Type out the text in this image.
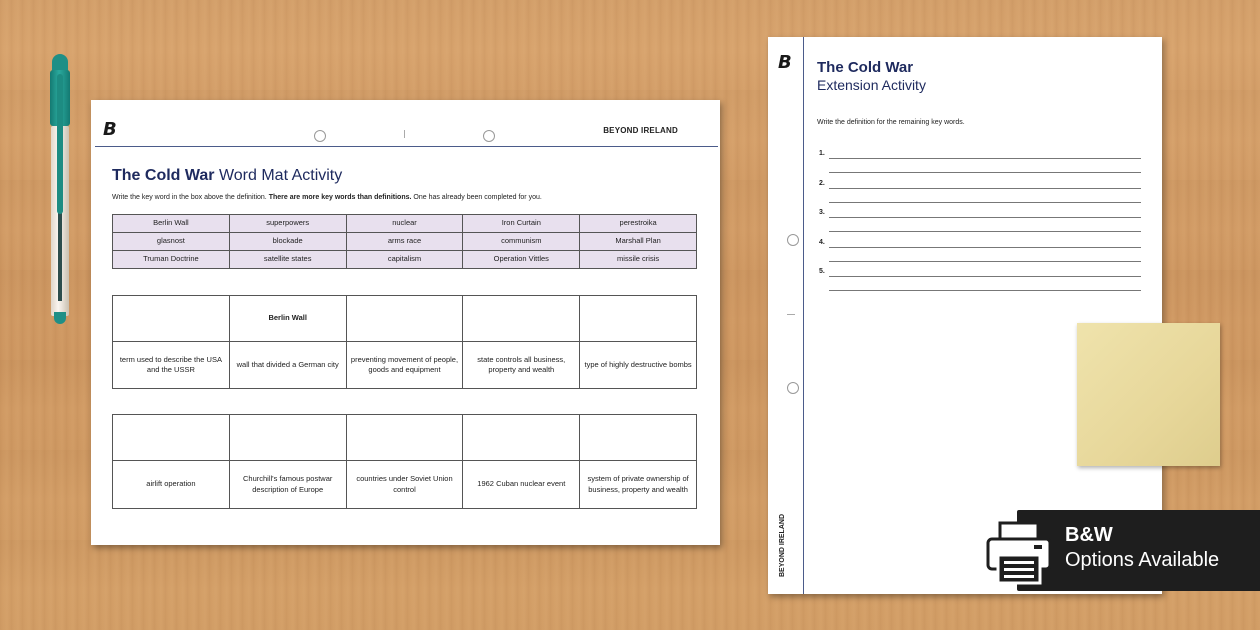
B	BEYOND IRELAND
The Cold War Word Mat Activity
Write the key word in the box above the definition. There are more key words than definitions. One has already been completed for you.
Berlin Wall	superpowers	nuclear	Iron Curtain	perestroika
glasnost	blockade	arms race	communism	Marshall Plan
Truman Doctrine	satellite states	capitalism	Operation Vittles	missile crisis
	Berlin Wall			
term used to describe the USA and the USSR	wall that divided a German city	preventing movement of people, goods and equipment	state controls all business, property and wealth	type of highly destructive bombs

airlift operation	Churchill's famous postwar description of Europe	countries under Soviet Union control	1962 Cuban nuclear event	system of private ownership of business, property and wealth
B The Cold War
Extension Activity
Write the definition for the remaining key words.
1.
2.
3.
4.
5.
BEYOND IRELAND	B&W
Options Available
